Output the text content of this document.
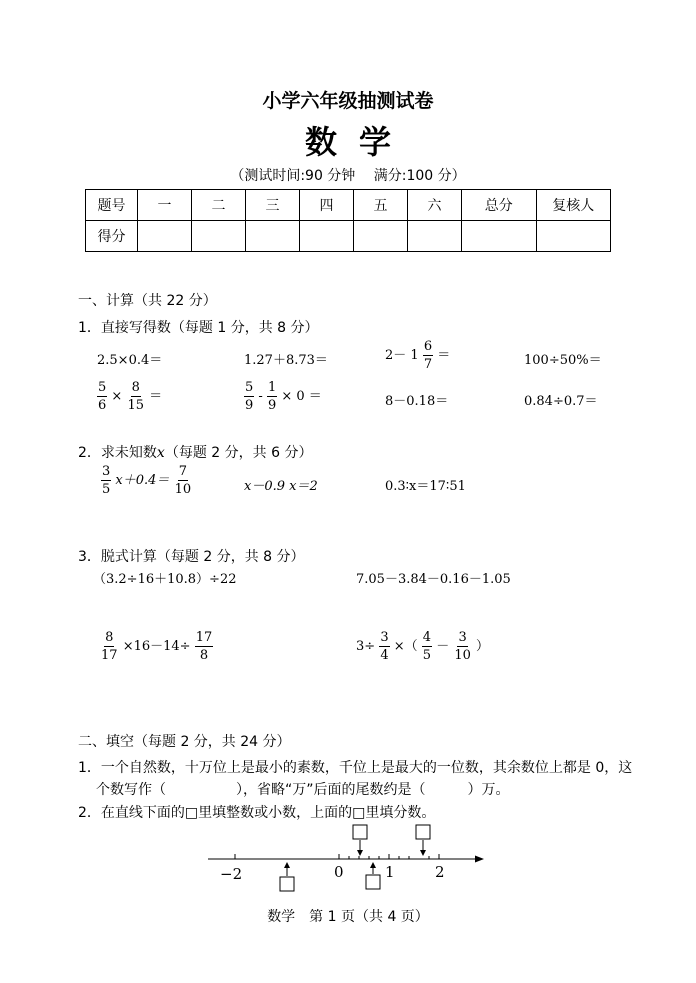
小学六年级抽测试卷
数学
（测试时间:90 分钟　 满分:100 分）
题号	一	二	三	四	五	六	总分	复核人
得分								
一、计算（共 22 分）
1．直接写得数（每题 1 分，共 8 分）
2.5×0.4＝	1.27＋8.73＝	$2- 1 \frac{6}{7}$ ＝	100÷50%＝
$\frac{5}{6} \times \frac{8}{15}$ ＝	$\frac{5}{9} - \frac{1}{9} \times 0$ ＝	8－0.18＝	0.84÷0.7＝
2．求未知数x（每题 2 分，共 6 分）
$\frac{3}{5} x+0.4= \frac{7}{10}$	x－0.9 x＝2	0.3∶x＝17∶51
3．脱式计算（每题 2 分，共 8 分）
（3.2÷16＋10.8）÷22	7.05－3.84－0.16－1.05
$\frac{8}{17} \times 16-14\div \frac{17}{8}$	$3\div \frac{3}{4}$ ×（ $\frac{4}{5} - \frac{3}{10}$ ）
二、填空（每题 2 分，共 24 分）
1．一个自然数，十万位上是最小的素数，千位上是最大的一位数，其余数位上都是 0，这
个数写作（　　　　　），省略“万”后面的尾数约是（　　　）万。
2．在直线下面的□里填整数或小数，上面的□里填分数。
−2	0	1	2
数学　第 1 页（共 4 页）
